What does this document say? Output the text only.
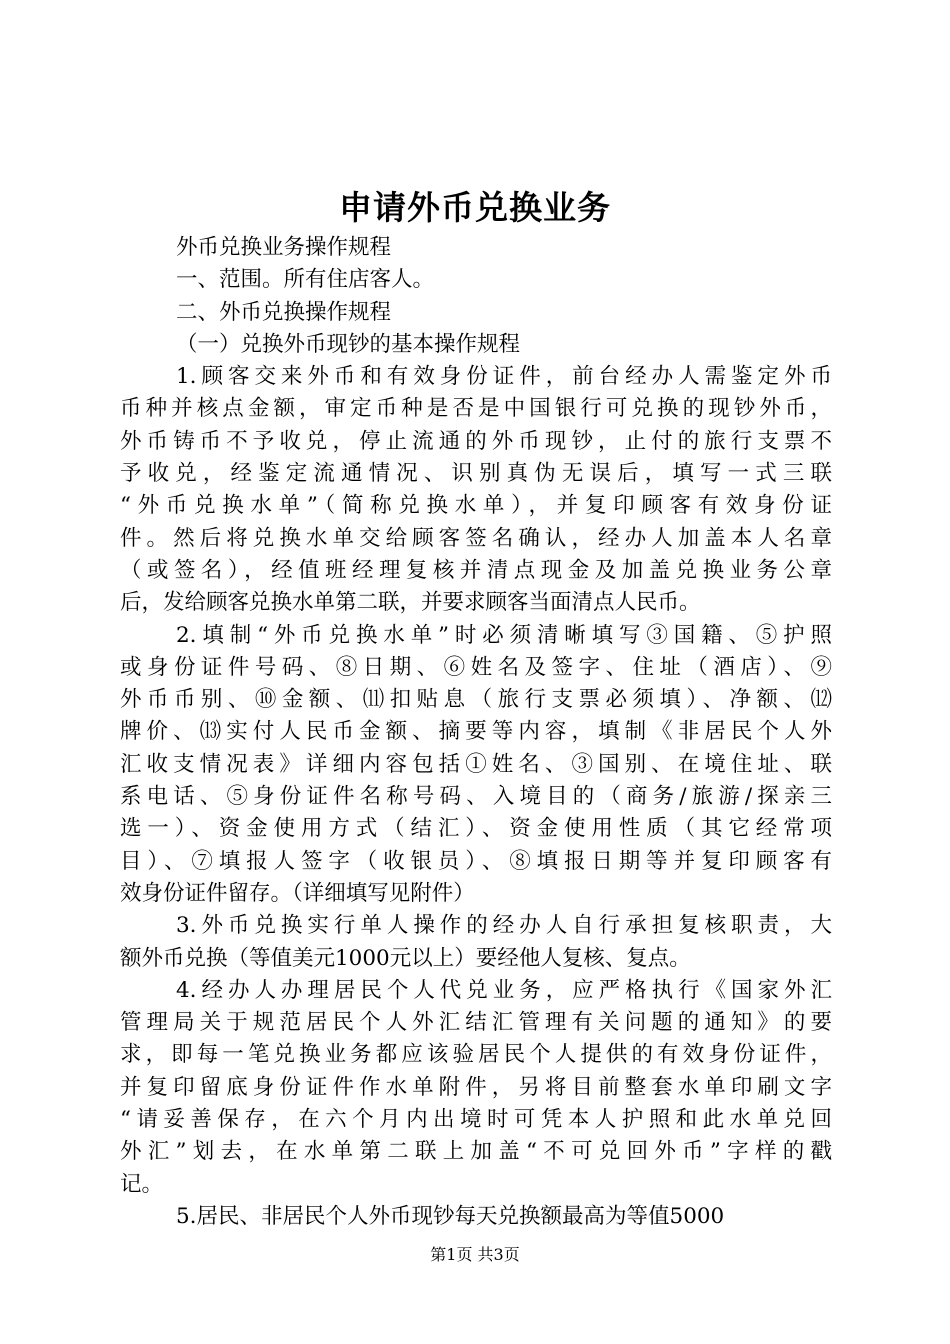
申请外币兑换业务
外币兑换业务操作规程
一、范围。所有住店客人。
二、外币兑换操作规程
（一）兑换外币现钞的基本操作规程
1.顾客交来外币和有效身份证件，前台经办人需鉴定外币
币种并核点金额，审定币种是否是中国银行可兑换的现钞外币，
外币铸币不予收兑，停止流通的外币现钞，止付的旅行支票不
予收兑，经鉴定流通情况、识别真伪无误后，填写一式三联
“外币兑换水单”（简称兑换水单），并复印顾客有效身份证
件。然后将兑换水单交给顾客签名确认，经办人加盖本人名章
（或签名），经值班经理复核并清点现金及加盖兑换业务公章
后，发给顾客兑换水单第二联，并要求顾客当面清点人民币。
2.填制“外币兑换水单”时必须清晰填写③国籍、⑤护照
或身份证件号码、⑧日期、⑥姓名及签字、住址（酒店）、⑨
外币币别、⑩金额、⑾扣贴息（旅行支票必须填）、净额、⑿
牌价、⒀实付人民币金额、摘要等内容，填制《非居民个人外
汇收支情况表》详细内容包括①姓名、③国别、在境住址、联
系电话、⑤身份证件名称号码、入境目的（商务/旅游/探亲三
选一）、资金使用方式（结汇）、资金使用性质（其它经常项
目）、⑦填报人签字（收银员）、⑧填报日期等并复印顾客有
效身份证件留存。（详细填写见附件）
3.外币兑换实行单人操作的经办人自行承担复核职责，大
额外币兑换（等值美元1000元以上）要经他人复核、复点。
4.经办人办理居民个人代兑业务，应严格执行《国家外汇
管理局关于规范居民个人外汇结汇管理有关问题的通知》的要
求，即每一笔兑换业务都应该验居民个人提供的有效身份证件，
并复印留底身份证件作水单附件，另将目前整套水单印刷文字
“请妥善保存，在六个月内出境时可凭本人护照和此水单兑回
外汇”划去，在水单第二联上加盖“不可兑回外币”字样的戳
记。
5.居民、非居民个人外币现钞每天兑换额最高为等值5000
第1页 共3页
